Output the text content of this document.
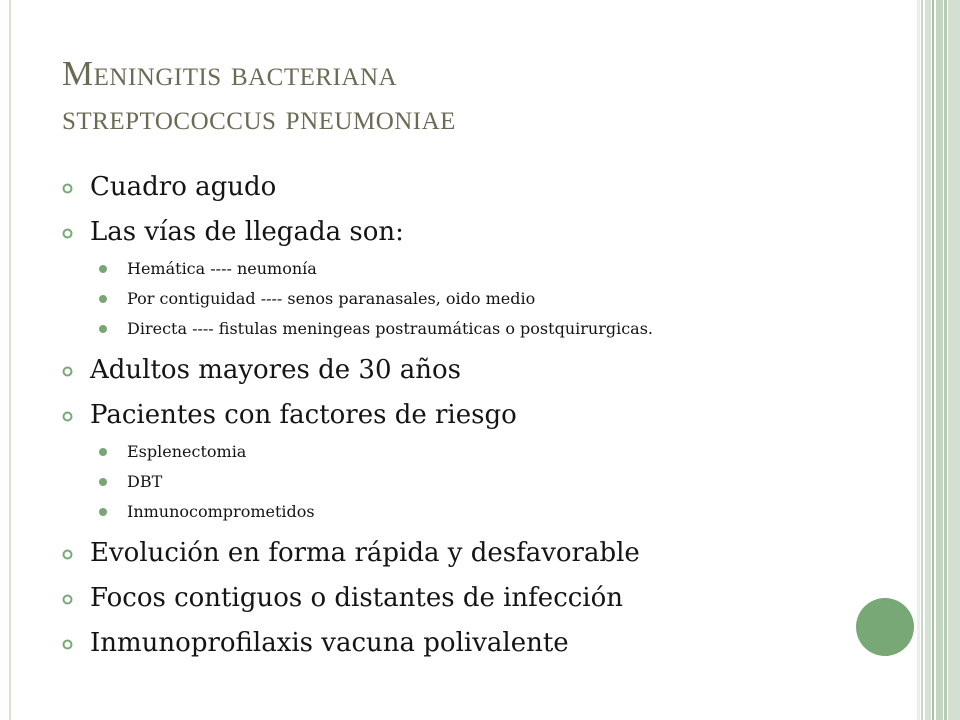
Meningitis bacteriana
streptococcus pneumoniae
Cuadro agudo
Las vías de llegada son:
Hemática ---- neumonía
Por contiguidad ---- senos paranasales, oido medio
Directa ---- fistulas meningeas postraumáticas o postquirurgicas.
Adultos mayores de 30 años
Pacientes con factores de riesgo
Esplenectomia
DBT
Inmunocomprometidos
Evolución en forma rápida y desfavorable
Focos contiguos o distantes de infección
Inmunoprofilaxis vacuna polivalente
